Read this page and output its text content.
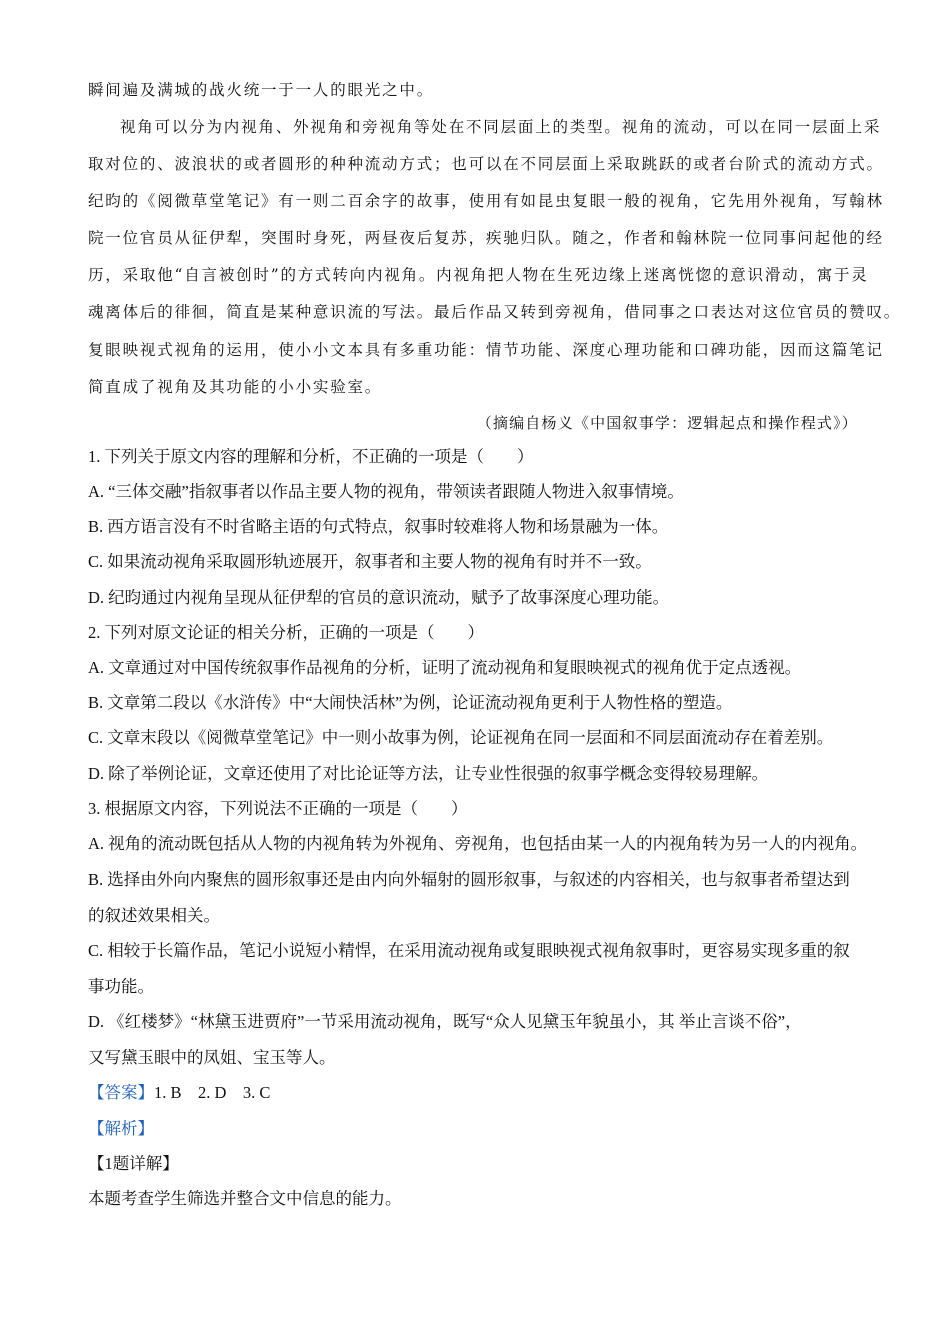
瞬间遍及满城的战火统一于一人的眼光之中。
视角可以分为内视角、外视角和旁视角等处在不同层面上的类型。视角的流动，可以在同一层面上采
取对位的、波浪状的或者圆形的种种流动方式；也可以在不同层面上采取跳跃的或者台阶式的流动方式。
纪昀的《阅微草堂笔记》有一则二百余字的故事，使用有如昆虫复眼一般的视角，它先用外视角，写翰林
院一位官员从征伊犁，突围时身死，两昼夜后复苏，疾驰归队。随之，作者和翰林院一位同事问起他的经
历，采取他“自言被创时”的方式转向内视角。内视角把人物在生死边缘上迷离恍惚的意识滑动，寓于灵
魂离体后的徘徊，简直是某种意识流的写法。最后作品又转到旁视角，借同事之口表达对这位官员的赞叹。
复眼映视式视角的运用，使小小文本具有多重功能：情节功能、深度心理功能和口碑功能，因而这篇笔记
简直成了视角及其功能的小小实验室。
（摘编自杨义《中国叙事学：逻辑起点和操作程式》）
1. 下列关于原文内容的理解和分析，不正确的一项是（　　）
A. “三体交融”指叙事者以作品主要人物的视角，带领读者跟随人物进入叙事情境。
B. 西方语言没有不时省略主语的句式特点，叙事时较难将人物和场景融为一体。
C. 如果流动视角采取圆形轨迹展开，叙事者和主要人物的视角有时并不一致。
D. 纪昀通过内视角呈现从征伊犁的官员的意识流动，赋予了故事深度心理功能。
2. 下列对原文论证的相关分析，正确的一项是（　　）
A. 文章通过对中国传统叙事作品视角的分析，证明了流动视角和复眼映视式的视角优于定点透视。
B. 文章第二段以《水浒传》中“大闹快活林”为例，论证流动视角更利于人物性格的塑造。
C. 文章末段以《阅微草堂笔记》中一则小故事为例，论证视角在同一层面和不同层面流动存在着差别。
D. 除了举例论证，文章还使用了对比论证等方法，让专业性很强的叙事学概念变得较易理解。
3. 根据原文内容，下列说法不正确的一项是（　　）
A. 视角的流动既包括从人物的内视角转为外视角、旁视角，也包括由某一人的内视角转为另一人的内视角。
B. 选择由外向内聚焦的圆形叙事还是由内向外辐射的圆形叙事，与叙述的内容相关，也与叙事者希望达到
的叙述效果相关。
C. 相较于长篇作品，笔记小说短小精悍，在采用流动视角或复眼映视式视角叙事时，更容易实现多重的叙
事功能。
D. 《红楼梦》“林黛玉进贾府”一节采用流动视角，既写“众人见黛玉年貌虽小，其 举止言谈不俗”，
又写黛玉眼中的凤姐、宝玉等人。
【答案】1. B　2. D　3. C
【解析】
【1题详解】
本题考查学生筛选并整合文中信息的能力。
